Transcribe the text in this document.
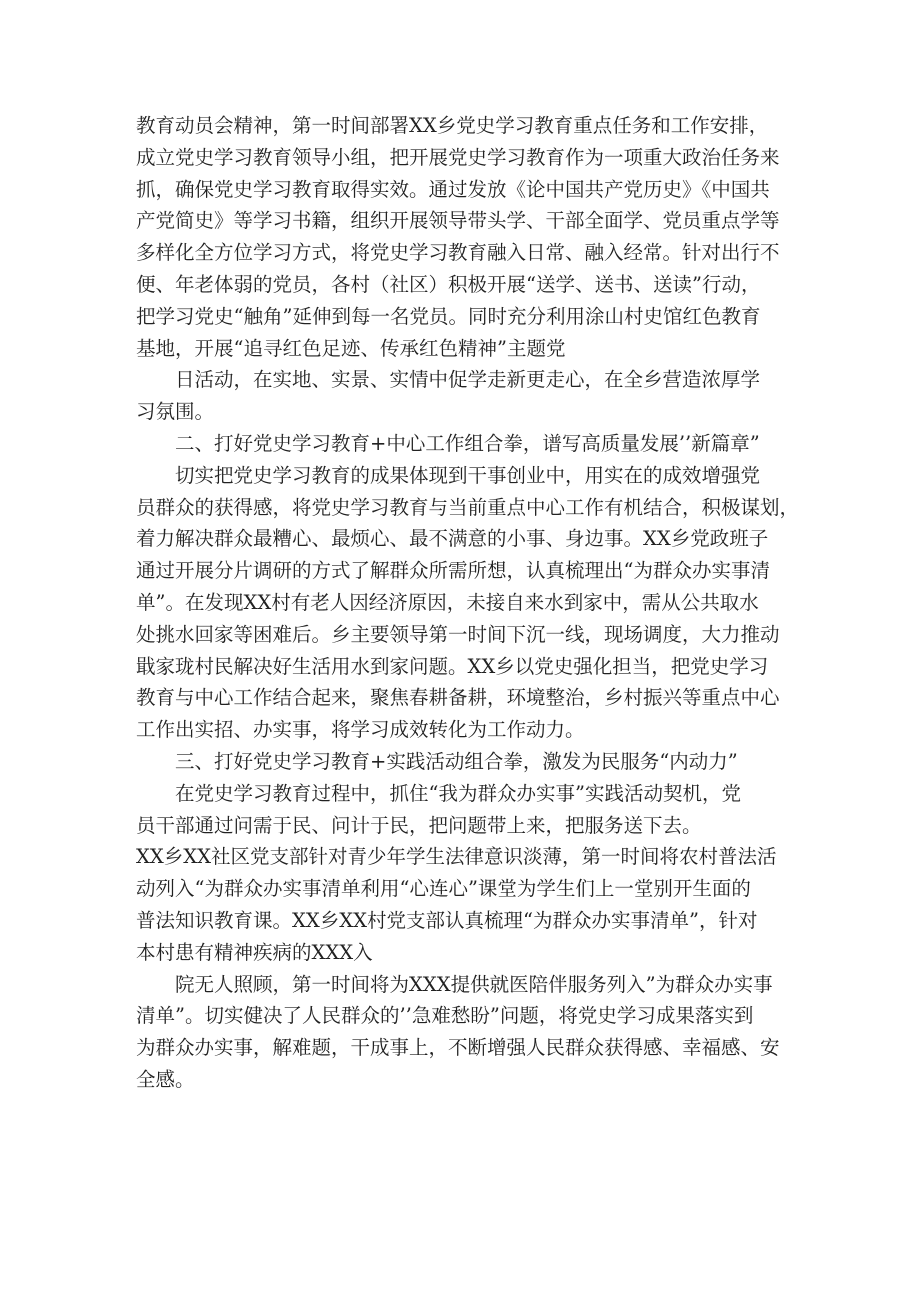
教育动员会精神，第一时间部署XX乡党史学习教育重点任务和工作安排，
成立党史学习教育领导小组，把开展党史学习教育作为一项重大政治任务来
抓，确保党史学习教育取得实效。通过发放《论中国共产党历史》《中国共
产党简史》等学习书籍，组织开展领导带头学、干部全面学、党员重点学等
多样化全方位学习方式，将党史学习教育融入日常、融入经常。针对出行不
便、年老体弱的党员，各村（社区）积极开展“送学、送书、送读”行动，
把学习党史“触角”延伸到每一名党员。同时充分利用涂山村史馆红色教育
基地，开展“追寻红色足迹、传承红色精神”主题党

日活动，在实地、实景、实情中促学走新更走心，在全乡营造浓厚学
习氛围。

二、打好党史学习教育+中心工作组合拳，谱写高质量发展’’新篇章”

切实把党史学习教育的成果体现到干事创业中，用实在的成效增强党
员群众的获得感，将党史学习教育与当前重点中心工作有机结合，积极谋划，
着力解决群众最糟心、最烦心、最不满意的小事、身边事。XX乡党政班子
通过开展分片调研的方式了解群众所需所想，认真梳理出“为群众办实事清
单”。在发现XX村有老人因经济原因，未接自来水到家中，需从公共取水
处挑水回家等困难后。乡主要领导第一时间下沉一线，现场调度，大力推动
戢家珑村民解决好生活用水到家问题。XX乡以党史强化担当，把党史学习
教育与中心工作结合起来，聚焦春耕备耕，环境整治，乡村振兴等重点中心
工作出实招、办实事，将学习成效转化为工作动力。

三、打好党史学习教育+实践活动组合拳，激发为民服务“内动力”

在党史学习教育过程中，抓住“我为群众办实事”实践活动契机，党
员干部通过问需于民、问计于民，把问题带上来，把服务送下去。

XX乡XX社区党支部针对青少年学生法律意识淡薄，第一时间将农村普法活
动列入“为群众办实事清单利用“心连心”课堂为学生们上一堂别开生面的
普法知识教育课。XX乡XX村党支部认真梳理“为群众办实事清单”，针对
本村患有精神疾病的XXX入

院无人照顾，第一时间将为XXX提供就医陪伴服务列入”为群众办实事
清单”。切实健决了人民群众的’’急难愁盼”问题，将党史学习成果落实到
为群众办实事，解难题，干成事上，不断增强人民群众获得感、幸福感、安
全感。
